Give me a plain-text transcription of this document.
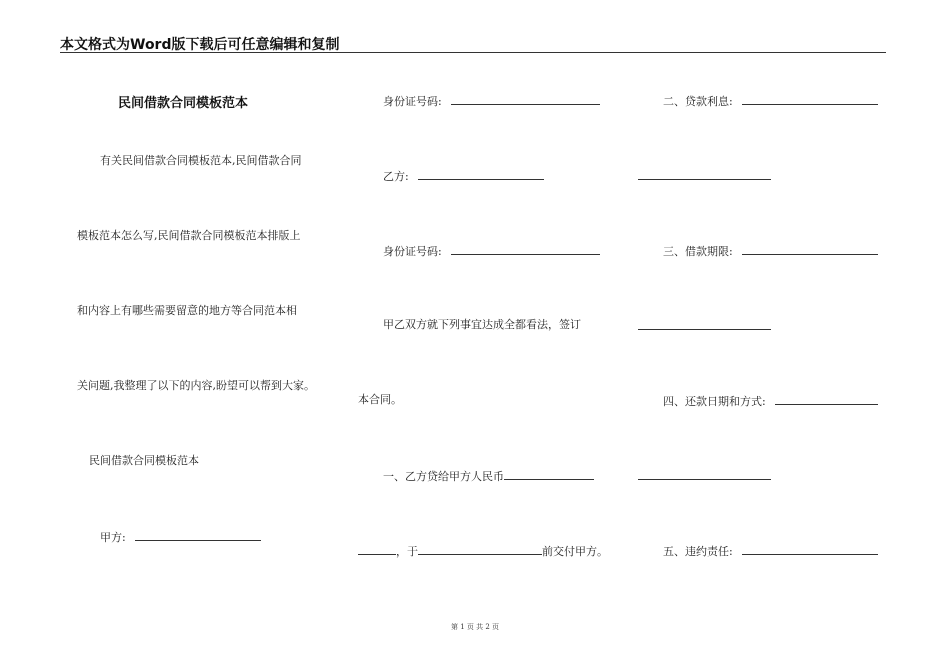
本文格式为Word版下载后可任意编辑和复制
民间借款合同模板范本
有关民间借款合同模板范本,民间借款合同
模板范本怎么写,民间借款合同模板范本排版上
和内容上有哪些需要留意的地方等合同范本相
关问题,我整理了以下的内容,盼望可以帮到大家。
民间借款合同模板范本
甲方:
身份证号码:
乙方:
身份证号码:
甲乙双方就下列事宜达成全都看法，签订
本合同。
一、乙方贷给甲方人民币
，于	前交付甲方。
二、贷款利息:
三、借款期限:
四、还款日期和方式:
五、违约责任:
第 1 页 共 2 页
